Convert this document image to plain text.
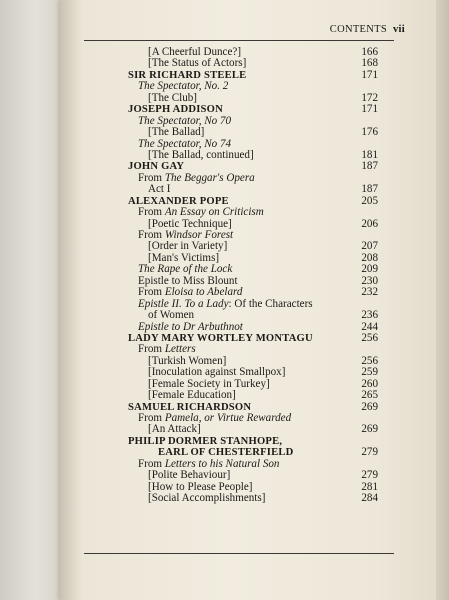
CONTENTS vii
[A Cheerful Dunce?]	166
[The Status of Actors]	168
SIR RICHARD STEELE	171
The Spectator, No. 2
[The Club]	172
JOSEPH ADDISON	171
The Spectator, No 70
[The Ballad]	176
The Spectator, No 74
[The Ballad, continued]	181
JOHN GAY	187
From The Beggar's Opera
Act I	187
ALEXANDER POPE	205
From An Essay on Criticism
[Poetic Technique]	206
From Windsor Forest
[Order in Variety]	207
[Man's Victims]	208
The Rape of the Lock	209
Epistle to Miss Blount	230
From Eloisa to Abelard	232
Epistle II. To a Lady: Of the Characters
of Women	236
Epistle to Dr Arbuthnot	244
LADY MARY WORTLEY MONTAGU	256
From Letters
[Turkish Women]	256
[Inoculation against Smallpox]	259
[Female Society in Turkey]	260
[Female Education]	265
SAMUEL RICHARDSON	269
From Pamela, or Virtue Rewarded
[An Attack]	269
PHILIP DORMER STANHOPE,
EARL OF CHESTERFIELD	279
From Letters to his Natural Son
[Polite Behaviour]	279
[How to Please People]	281
[Social Accomplishments]	284
